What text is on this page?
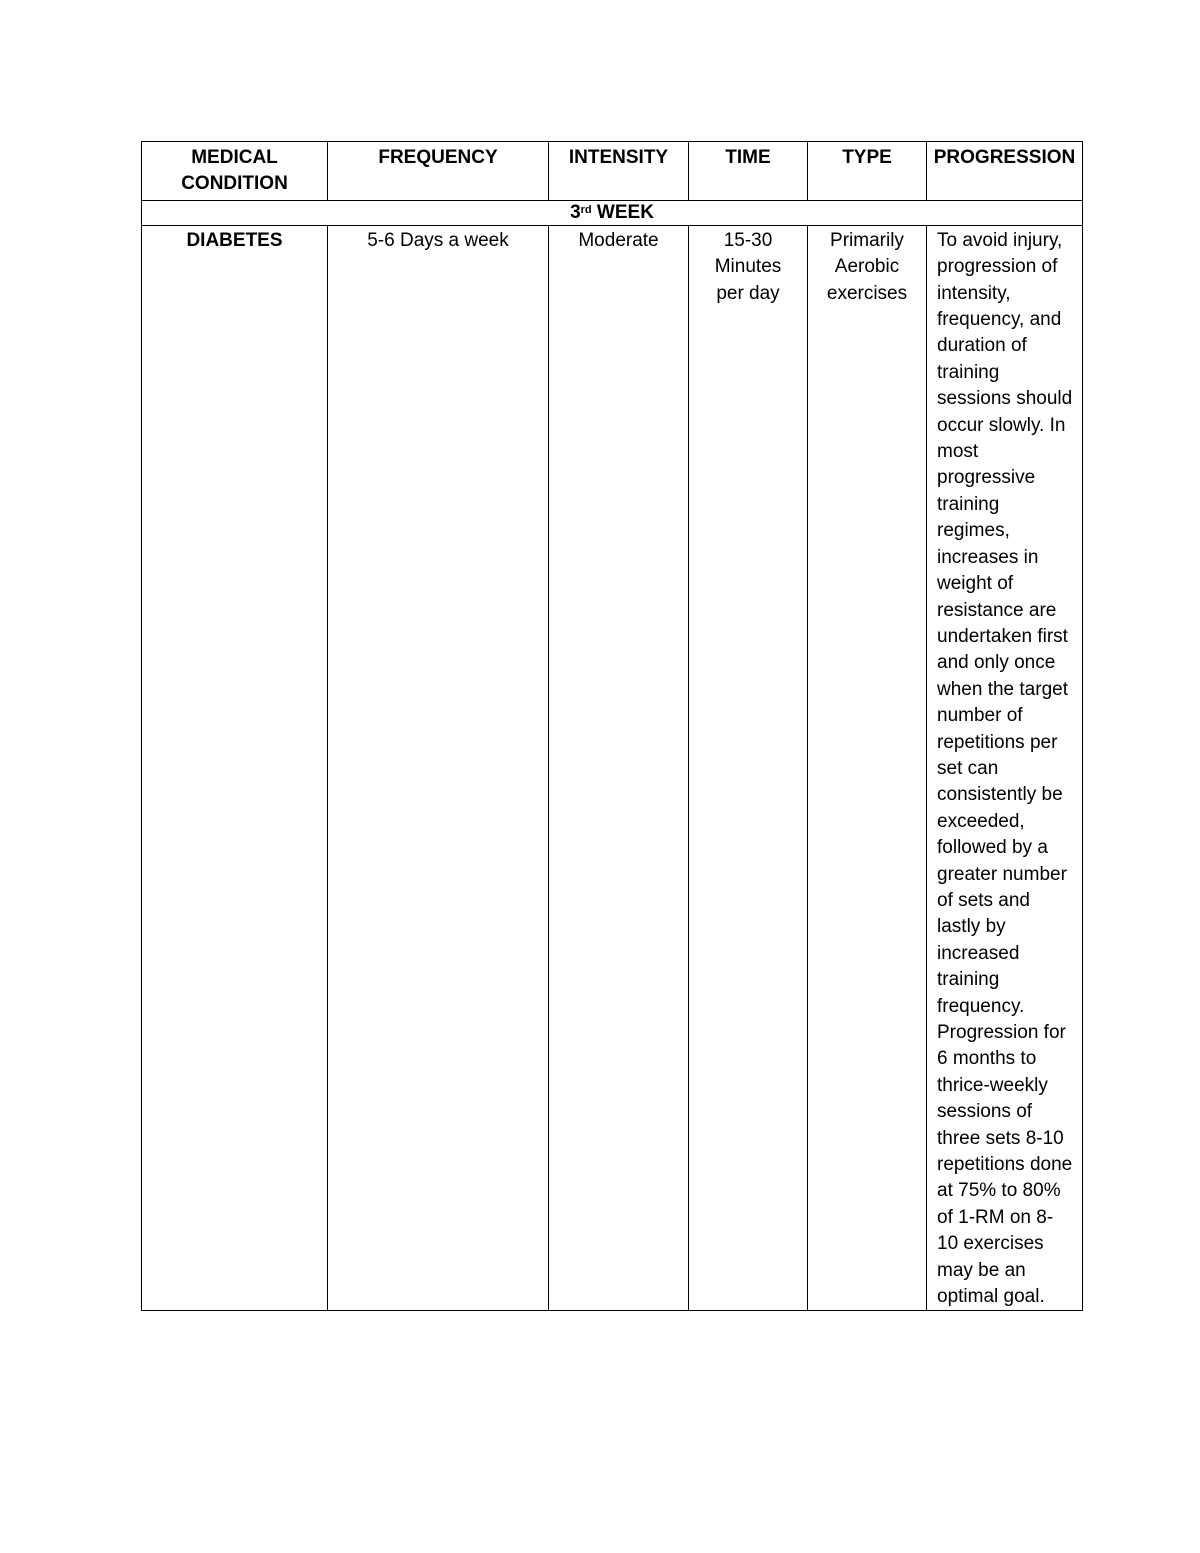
MEDICAL
CONDITION	FREQUENCY	INTENSITY	TIME	TYPE	PROGRESSION
3rd WEEK					
DIABETES	5-6 Days a week	Moderate	15-30 Minutes per day	Primarily Aerobic exercises	To avoid injury, progression of intensity, frequency, and duration of training sessions should occur slowly. In most progressive training regimes, increases in weight of resistance are undertaken first and only once when the target number of repetitions per set can consistently be exceeded, followed by a greater number of sets and lastly by increased training frequency. Progression for 6 months to thrice-weekly sessions of three sets 8-10 repetitions done at 75% to 80% of 1-RM on 8-10 exercises may be an optimal goal.
